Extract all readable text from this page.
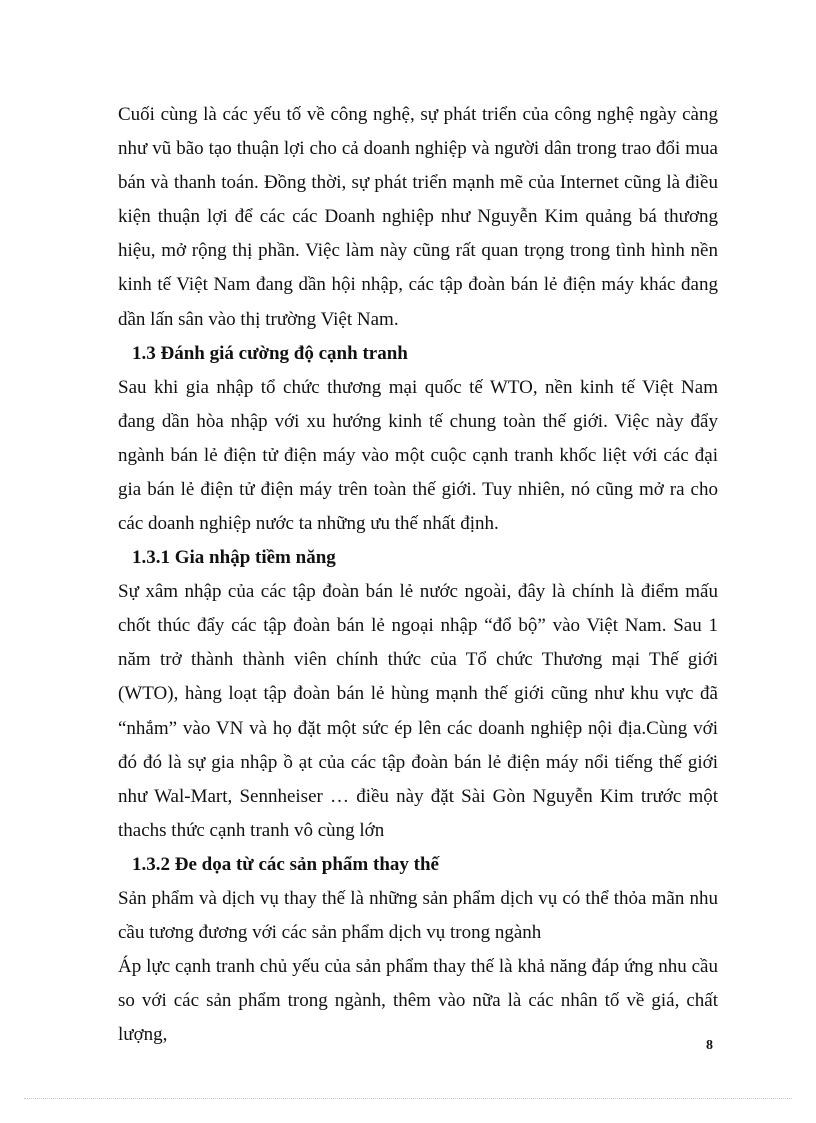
Cuối cùng là các yếu tố về công nghệ, sự phát triển của công nghệ ngày càng như vũ bão tạo thuận lợi cho cả doanh nghiệp và người dân trong trao đổi mua bán và thanh toán. Đồng thời, sự phát triển mạnh mẽ của Internet cũng là điều kiện thuận lợi để các các Doanh nghiệp như Nguyễn Kim quảng bá thương hiệu, mở rộng thị phần. Việc làm này cũng rất quan trọng trong tình hình nền kinh tế Việt Nam đang dần hội nhập, các tập đoàn bán lẻ điện máy khác đang dần lấn sân vào thị trường Việt Nam.

1.3 Đánh giá cường độ cạnh tranh

Sau khi gia nhập tổ chức thương mại quốc tế WTO, nền kinh tế Việt Nam đang dần hòa nhập với xu hướng kinh tế chung toàn thế giới. Việc này đẩy ngành bán lẻ điện tử điện máy vào một cuộc cạnh tranh khốc liệt với các đại gia bán lẻ điện tử điện máy trên toàn thế giới. Tuy nhiên, nó cũng mở ra cho các doanh nghiệp nước ta những ưu thế nhất định.

1.3.1 Gia nhập tiềm năng

Sự xâm nhập của các tập đoàn bán lẻ nước ngoài, đây là chính là điểm mấu chốt thúc đẩy các tập đoàn bán lẻ ngoại nhập “đổ bộ” vào Việt Nam. Sau 1 năm trở thành thành viên chính thức của Tổ chức Thương mại Thế giới (WTO), hàng loạt tập đoàn bán lẻ hùng mạnh thế giới cũng như khu vực đã “nhắm” vào VN và họ đặt một sức ép lên các doanh nghiệp nội địa.Cùng với đó đó là sự gia nhập ồ ạt của các tập đoàn bán lẻ điện máy nổi tiếng thế giới như Wal-Mart, Sennheiser … điều này đặt Sài Gòn Nguyễn Kim trước một thachs thức cạnh tranh vô cùng lớn

1.3.2 Đe dọa từ các sản phẩm thay thế

Sản phẩm và dịch vụ thay thế là những sản phẩm dịch vụ có thể thỏa mãn nhu cầu tương đương với các sản phẩm dịch vụ trong ngành

Áp lực cạnh tranh chủ yếu của sản phẩm thay thế là khả năng đáp ứng nhu cầu so với các sản phẩm trong ngành, thêm vào nữa là các nhân tố về giá, chất lượng,

8
